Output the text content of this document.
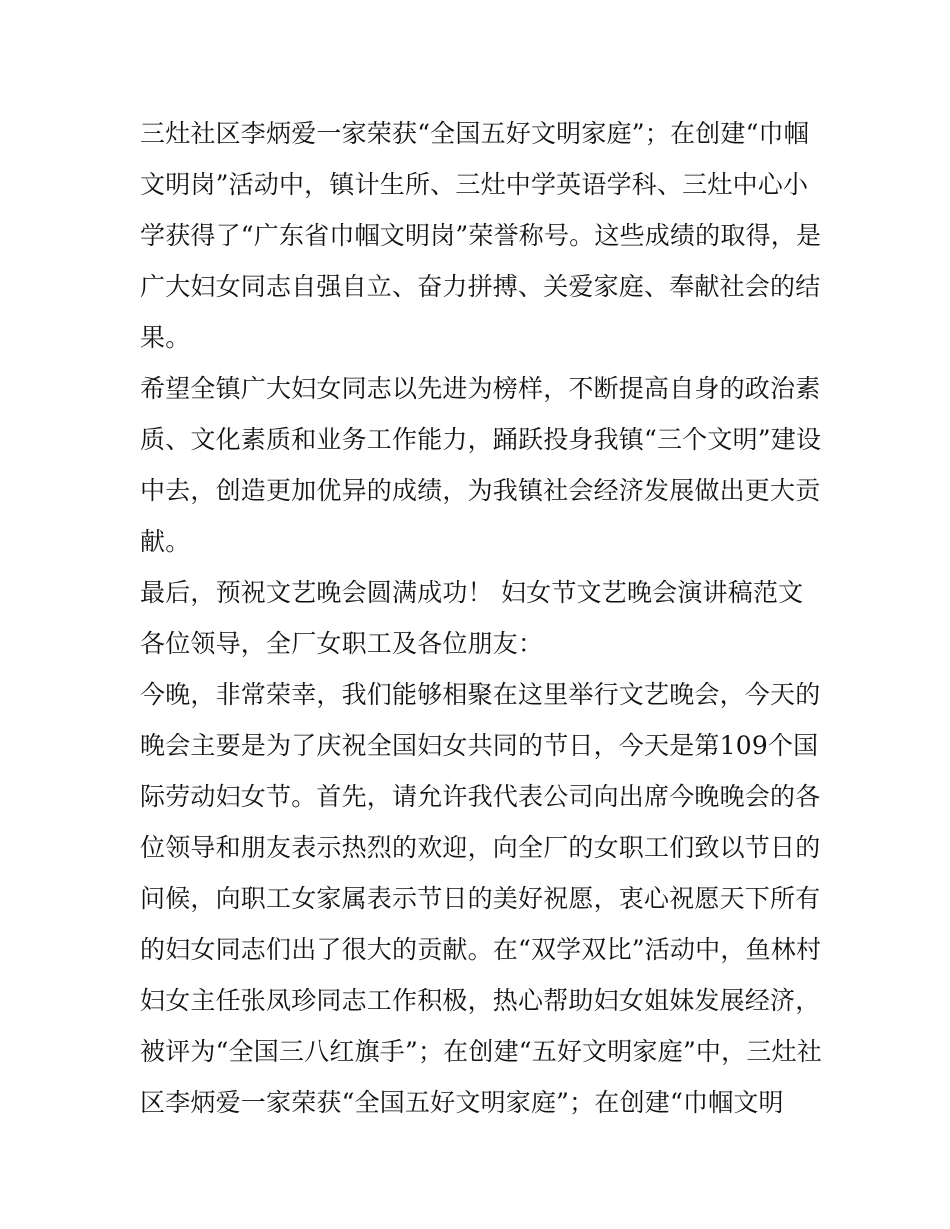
三灶社区李炳爱一家荣获“全国五好文明家庭”；在创建“巾帼
文明岗”活动中，镇计生所、三灶中学英语学科、三灶中心小
学获得了“广东省巾帼文明岗”荣誉称号。这些成绩的取得，是
广大妇女同志自强自立、奋力拼搏、关爱家庭、奉献社会的结
果。
希望全镇广大妇女同志以先进为榜样，不断提高自身的政治素
质、文化素质和业务工作能力，踊跃投身我镇“三个文明”建设
中去，创造更加优异的成绩，为我镇社会经济发展做出更大贡
献。
最后，预祝文艺晚会圆满成功！ 妇女节文艺晚会演讲稿范文
各位领导，全厂女职工及各位朋友：
今晚，非常荣幸，我们能够相聚在这里举行文艺晚会，今天的
晚会主要是为了庆祝全国妇女共同的节日，今天是第109个国
际劳动妇女节。首先，请允许我代表公司向出席今晚晚会的各
位领导和朋友表示热烈的欢迎，向全厂的女职工们致以节日的
问候，向职工女家属表示节日的美好祝愿，衷心祝愿天下所有
的妇女同志们出了很大的贡献。在“双学双比”活动中，鱼林村
妇女主任张凤珍同志工作积极，热心帮助妇女姐妹发展经济，
被评为“全国三八红旗手”；在创建“五好文明家庭”中，三灶社
区李炳爱一家荣获“全国五好文明家庭”；在创建“巾帼文明
